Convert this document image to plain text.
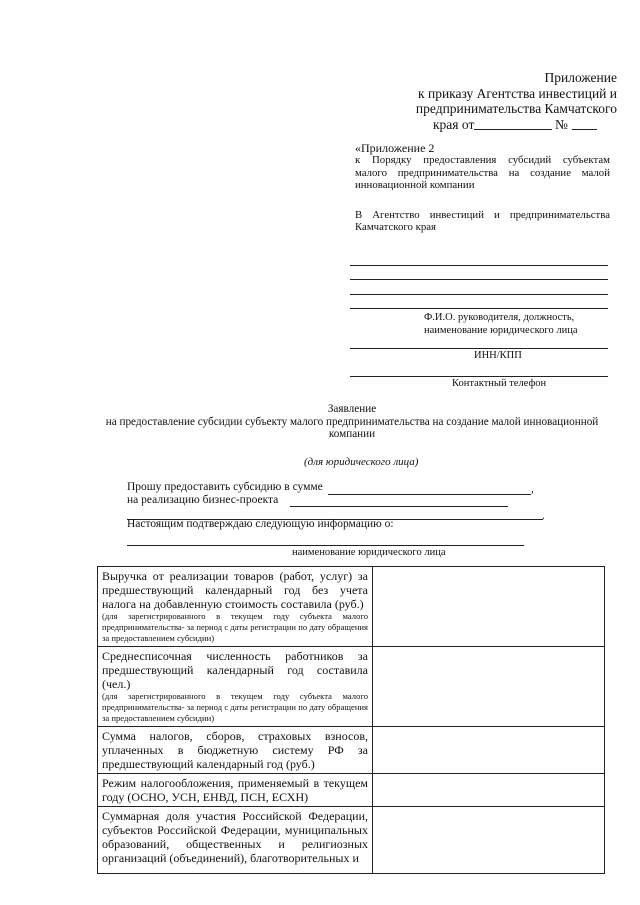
Приложение
к приказу Агентства инвестиций и
предпринимательства Камчатского
края от	№
«Приложение 2
к Порядку предоставления субсидий субъектам
малого предпринимательства на создание малой
инновационной компании
В Агентство инвестиций и предпринимательства
Камчатского края
Ф.И.О. руководителя, должность,
наименование юридического лица
ИНН/КПП
Контактный телефон
Заявление
на предоставление субсидии субъекту малого предпринимательства на создание малой инновационной
компании
(для юридического лица)
Прошу предоставить субсидию в сумме	,
на реализацию бизнес-проекта
.
Настоящим подтверждаю следующую информацию о:
наименование юридического лица
Выручка от реализации товаров (работ, услуг) за предшествующий календарный год без учета налога на добавленную стоимость составила (руб.)
(для зарегистрированного в текущем году субъекта малого предпринимательства- за период с даты регистрации по дату обращения за предоставлением субсидии)	

Среднесписочная численность работников за предшествующий календарный год составила (чел.)
(для зарегистрированного в текущем году субъекта малого предпринимательства- за период с даты регистрации по дату обращения за предоставлением субсидии)	

Сумма налогов, сборов, страховых взносов, уплаченных в бюджетную систему РФ за предшествующий календарный год (руб.)	

Режим налогообложения, применяемый в текущем году (ОСНО, УСН, ЕНВД, ПСН, ЕСХН)	

Суммарная доля участия Российской Федерации, субъектов Российской Федерации, муниципальных образований, общественных и религиозных организаций (объединений), благотворительных и	
